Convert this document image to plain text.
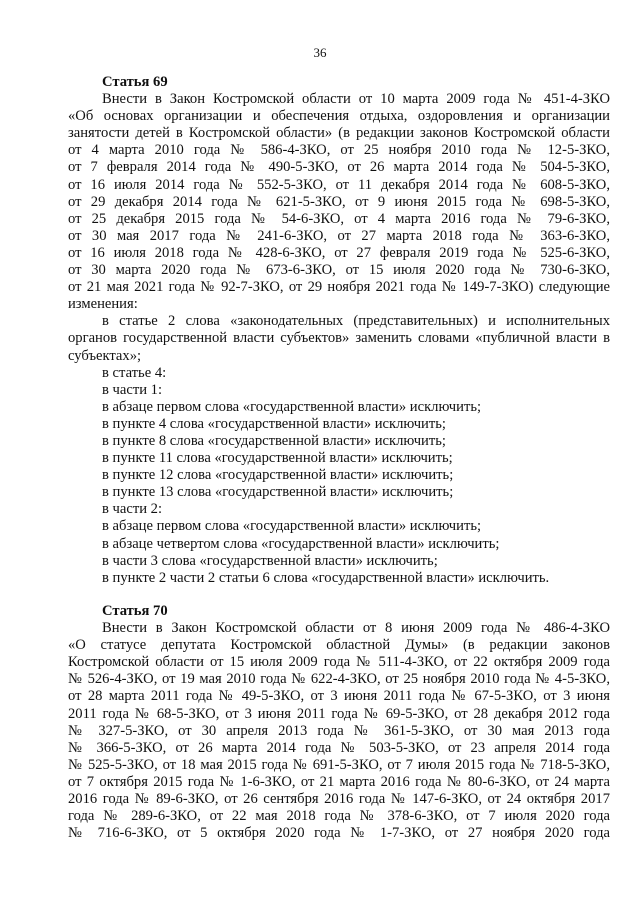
36
Статья 69
Внести в Закон Костромской области от 10 марта 2009 года № 451-4-ЗКО
«Об основах организации и обеспечения отдыха, оздоровления и организации
занятости детей в Костромской области» (в редакции законов Костромской области
от 4 марта 2010 года № 586-4-ЗКО, от 25 ноября 2010 года № 12-5-ЗКО,
от 7 февраля 2014 года № 490-5-ЗКО, от 26 марта 2014 года № 504-5-ЗКО,
от 16 июля 2014 года № 552-5-ЗКО, от 11 декабря 2014 года № 608-5-ЗКО,
от 29 декабря 2014 года № 621-5-ЗКО, от 9 июня 2015 года № 698-5-ЗКО,
от 25 декабря 2015 года № 54-6-ЗКО, от 4 марта 2016 года № 79-6-ЗКО,
от 30 мая 2017 года № 241-6-ЗКО, от 27 марта 2018 года № 363-6-ЗКО,
от 16 июля 2018 года № 428-6-ЗКО, от 27 февраля 2019 года № 525-6-ЗКО,
от 30 марта 2020 года № 673-6-ЗКО, от 15 июля 2020 года № 730-6-ЗКО,
от 21 мая 2021 года № 92-7-ЗКО, от 29 ноября 2021 года № 149-7-ЗКО) следующие
изменения:
в статье 2 слова «законодательных (представительных) и исполнительных
органов государственной власти субъектов» заменить словами «публичной власти в
субъектах»;
в статье 4:
в части 1:
в абзаце первом слова «государственной власти» исключить;
в пункте 4 слова «государственной власти» исключить;
в пункте 8 слова «государственной власти» исключить;
в пункте 11 слова «государственной власти» исключить;
в пункте 12 слова «государственной власти» исключить;
в пункте 13 слова «государственной власти» исключить;
в части 2:
в абзаце первом слова «государственной власти» исключить;
в абзаце четвертом слова «государственной власти» исключить;
в части 3 слова «государственной власти» исключить;
в пункте 2 части 2 статьи 6 слова «государственной власти» исключить.
Статья 70
Внести в Закон Костромской области от 8 июня 2009 года № 486-4-ЗКО
«О статусе депутата Костромской областной Думы» (в редакции законов
Костромской области от 15 июля 2009 года № 511-4-ЗКО, от 22 октября 2009 года
№ 526-4-ЗКО, от 19 мая 2010 года № 622-4-ЗКО, от 25 ноября 2010 года № 4-5-ЗКО,
от 28 марта 2011 года № 49-5-ЗКО, от 3 июня 2011 года № 67-5-ЗКО, от 3 июня
2011 года № 68-5-ЗКО, от 3 июня 2011 года № 69-5-ЗКО, от 28 декабря 2012 года
№ 327-5-ЗКО, от 30 апреля 2013 года № 361-5-ЗКО, от 30 мая 2013 года
№ 366-5-ЗКО, от 26 марта 2014 года № 503-5-ЗКО, от 23 апреля 2014 года
№ 525-5-ЗКО, от 18 мая 2015 года № 691-5-ЗКО, от 7 июля 2015 года № 718-5-ЗКО,
от 7 октября 2015 года № 1-6-ЗКО, от 21 марта 2016 года № 80-6-ЗКО, от 24 марта
2016 года № 89-6-ЗКО, от 26 сентября 2016 года № 147-6-ЗКО, от 24 октября 2017
года № 289-6-ЗКО, от 22 мая 2018 года № 378-6-ЗКО, от 7 июля 2020 года
№ 716-6-ЗКО, от 5 октября 2020 года № 1-7-ЗКО, от 27 ноября 2020 года
